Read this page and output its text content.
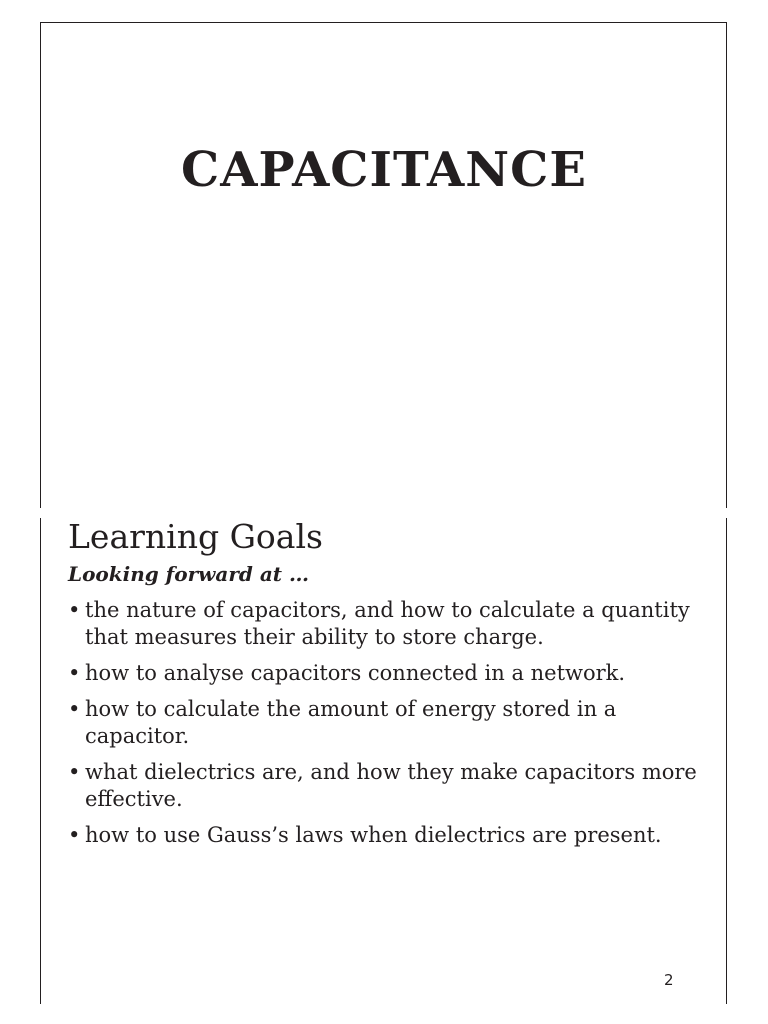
CAPACITANCE
Learning Goals
Looking forward at …
• the nature of capacitors, and how to calculate a quantity that measures their ability to store charge.
• how to analyse capacitors connected in a network.
• how to calculate the amount of energy stored in a capacitor.
• what dielectrics are, and how they make capacitors more effective.
• how to use Gauss’s laws when dielectrics are present.
2
